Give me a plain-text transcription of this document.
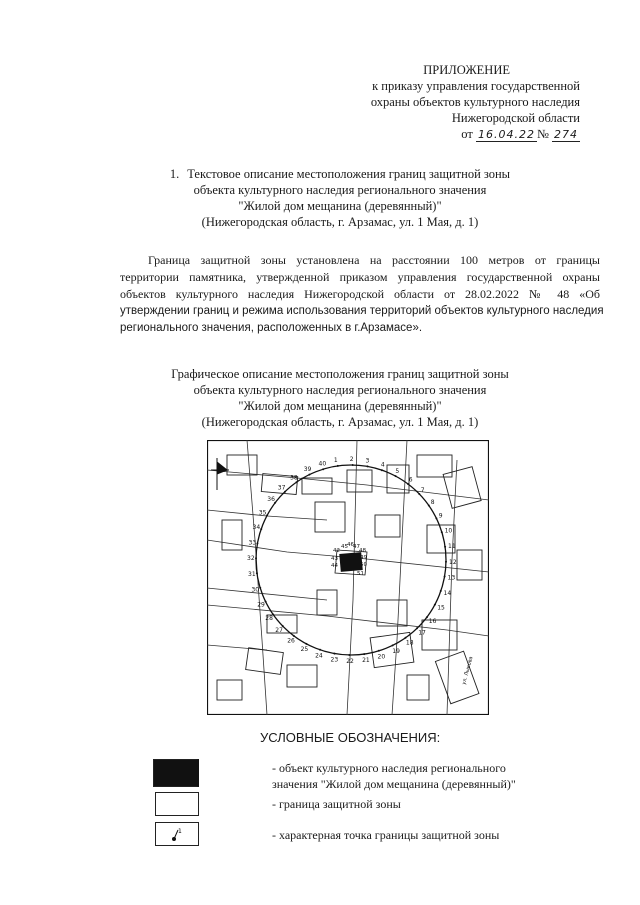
ПРИЛОЖЕНИЕ
к приказу управления государственной
охраны объектов культурного наследия
Нижегородской области
от 16.04.22 № 274
1. Текстовое описание местоположения границ защитной зоны
объекта культурного наследия регионального значения
"Жилой дом мещанина (деревянный)"
(Нижегородская область, г. Арзамас, ул. 1 Мая, д. 1)
Граница защитной зоны установлена на расстоянии 100 метров от границы
территории памятника, утвержденной приказом управления государственной охраны
объектов культурного наследия Нижегородской области от 28.02.2022 № 48 «Об
утверждении границ и режима использования территорий объектов культурного наследия
регионального значения, расположенных в г.Арзамасе».
Графическое описание местоположения границ защитной зоны
объекта культурного наследия регионального значения
"Жилой дом мещанина (деревянный)"
(Нижегородская область, г. Арзамас, ул. 1 Мая, д. 1)
1 2 3
4
5
6
7
8
9
10
11
12
13
14
15
16
17
18
19
20
21
22
23
24
25
26
27
28
29
30
31
32
33
34
35
36
37
38
39
40
42
43
44
45 46 47
48
49
50
51
ул. Лыкова
УСЛОВНЫЕ ОБОЗНАЧЕНИЯ:
- объект культурного наследия регионального
значения "Жилой дом мещанина (деревянный)"
- граница защитной зоны
1	- характерная точка границы защитной зоны
